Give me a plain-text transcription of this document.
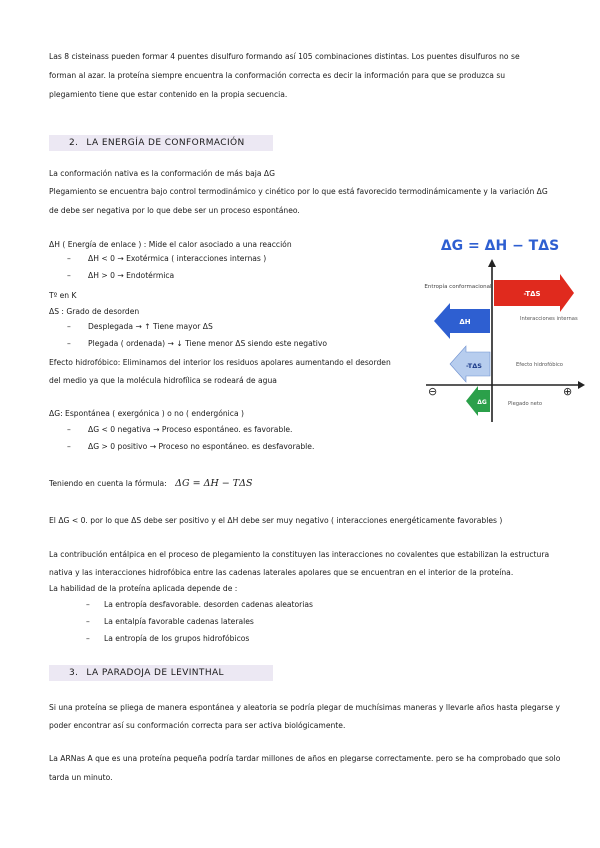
Las 8 cisteinass pueden formar 4 puentes disulfuro formando así 105 combinaciones distintas. Los puentes disulfuros no se
forman al azar. la proteína siempre encuentra la conformación correcta es decir la información para que se produzca su
plegamiento tiene que estar contenido en la propia secuencia.
2. LA ENERGÍA DE CONFORMACIÓN
La conformación nativa es la conformación de más baja ΔG
Plegamiento se encuentra bajo control termodinámico y cinético por lo que está favorecido termodinámicamente y la variación ΔG
de debe ser negativa por lo que debe ser un proceso espontáneo.
ΔH ( Energía de enlace ) : Mide el calor asociado a una reacción
– ΔH < 0 → Exotérmica ( interacciones internas )
– ΔH > 0 → Endotérmica
Tº en K
ΔS : Grado de desorden
– Desplegada → ↑ Tiene mayor ΔS
– Plegada ( ordenada) → ↓ Tiene menor ΔS siendo este negativo
Efecto hidrofóbico: Eliminamos del interior los residuos apolares aumentando el desorden
del medio ya que la molécula hidrofílica se rodeará de agua
ΔG: Espontánea ( exergónica ) o no ( endergónica )
– ΔG < 0 negativa → Proceso espontáneo. es favorable.
– ΔG > 0 positivo → Proceso no espontáneo. es desfavorable.
Teniendo en cuenta la fórmula: ΔG = ΔH − TΔS
El ΔG < 0. por lo que ΔS debe ser positivo y el ΔH debe ser muy negativo ( interacciones energéticamente favorables )
La contribución entálpica en el proceso de plegamiento la constituyen las interacciones no covalentes que estabilizan la estructura
nativa y las interacciones hidrofóbica entre las cadenas laterales apolares que se encuentran en el interior de la proteína.
La habilidad de la proteína aplicada depende de :
– La entropía desfavorable. desorden cadenas aleatorias
– La entalpía favorable cadenas laterales
– La entropía de los grupos hidrofóbicos
3. LA PARADOJA DE LEVINTHAL
Si una proteína se pliega de manera espontánea y aleatoria se podría plegar de muchísimas maneras y llevarle años hasta plegarse y
poder encontrar así su conformación correcta para ser activa biológicamente.
La ARNas A que es una proteína pequeña podría tardar millones de años en plegarse correctamente. pero se ha comprobado que solo
tarda un minuto.
ΔG = ΔH − TΔS
⊖	⊕
Entropía conformacional
-TΔS
ΔH	Interacciones internas
-TΔS	Efecto hidrofóbico
ΔG	Plegado neto
